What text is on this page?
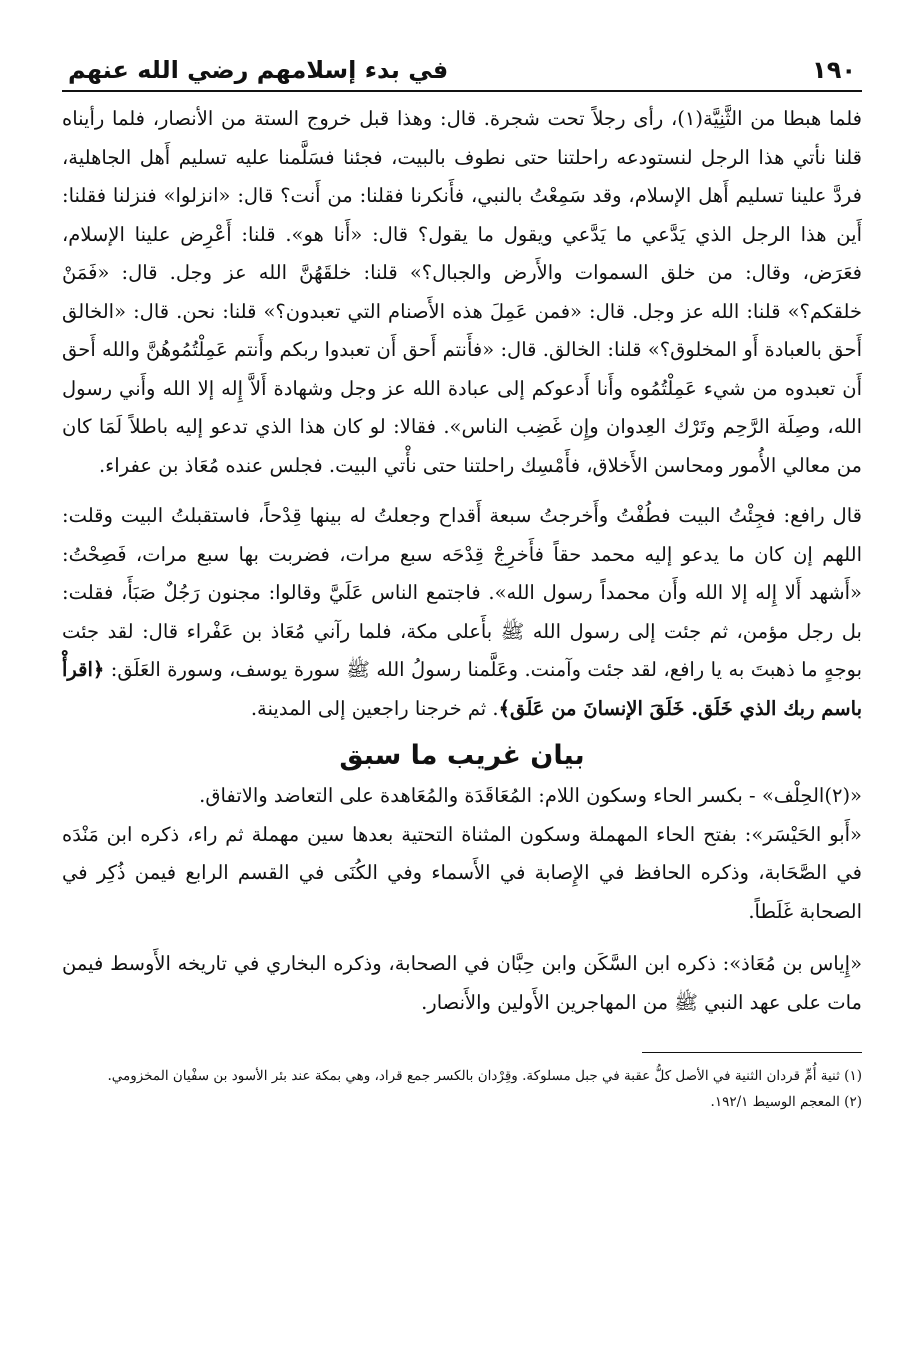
١٩٠
في بدء إسلامهم رضي الله عنهم

فلما هبطا من الثَّنِيَّة(١)، رأى رجلاً تحت شجرة. قال: وهذا قبل خروج الستة من الأنصار، فلما رأيناه قلنا نأتي هذا الرجل لنستودعه راحلتنا حتى نطوف بالبيت، فجئنا فسَلَّمنا عليه تسليم أَهل الجاهلية، فردَّ علينا تسليم أَهل الإسلام، وقد سَمِعْتُ بالنبي، فأَنكرنا فقلنا: من أَنت؟ قال: «انزلوا» فنزلنا فقلنا: أَين هذا الرجل الذي يَدَّعي ما يَدَّعي ويقول ما يقول؟ قال: «أَنا هو». قلنا: أَعْرِض علينا الإسلام، فعَرَض، وقال: من خلق السموات والأَرض والجبال؟» قلنا: خلقَهُنَّ الله عز وجل. قال: «فَمَنْ خلقكم؟» قلنا: الله عز وجل. قال: «فمن عَمِلَ هذه الأَصنام التي تعبدون؟» قلنا: نحن. قال: «الخالق أَحق بالعبادة أَو المخلوق؟» قلنا: الخالق. قال: «فأَنتم أَحق أَن تعبدوا ربكم وأَنتم عَمِلْتُمُوهُنَّ والله أَحق أَن تعبدوه من شيء عَمِلْتُمُوه وأَنا أَدعوكم إلى عبادة الله عز وجل وشهادة أَلاَّ إِله إلا الله وأَني رسول الله، وصِلَة الرَّحِم وتَرْك العِدوان وإِن غَضِب الناس». فقالا: لو كان هذا الذي تدعو إليه باطلاً لَمَا كان من معالي الأُمور ومحاسن الأَخلاق، فأَمْسِك راحلتنا حتى نأْتي البيت. فجلس عنده مُعَاذ بن عفراء.

قال رافع: فجِئْتُ البيت فطُفْتُ وأَخرجتُ سبعة أَقداح وجعلتُ له بينها قِدْحاً، فاستقبلتُ البيت وقلت: اللهم إن كان ما يدعو إليه محمد حقاً فأَخرِجْ قِدْحَه سبع مرات، فضربت بها سبع مرات، فَصِحْتُ: «أَشهد أَلا إِله إلا الله وأَن محمداً رسول الله». فاجتمع الناس عَلَيَّ وقالوا: مجنون رَجُلٌ صَبَأَ، فقلت: بل رجل مؤمن، ثم جئت إلى رسول الله ﷺ بأَعلى مكة، فلما رآني مُعَاذ بن عَفْراء قال: لقد جئت بوجهٍ ما ذهبتَ به يا رافع، لقد جئت وآمنت. وعَلَّمنا رسولُ الله ﷺ سورة يوسف، وسورة العَلَق: ﴿اقرأْ باسم ربك الذي خَلَق. خَلَقَ الإنسانَ من عَلَق﴾. ثم خرجنا راجعين إلى المدينة.

بيان غريب ما سبق

«(٢)الحِلْف» - بكسر الحاء وسكون اللام: المُعَاقَدَة والمُعَاهدة على التعاضد والاتفاق.

«أَبو الحَيْسَر»: بفتح الحاء المهملة وسكون المثناة التحتية بعدها سين مهملة ثم راء، ذكره ابن مَنْدَه في الصَّحَابة، وذكره الحافظ في الإِصابة في الأَسماء وفي الكُنَى في القسم الرابع فيمن ذُكِر في الصحابة غَلَطاً.

«إِياس بن مُعَاذ»: ذكره ابن السَّكَن وابن حِبَّان في الصحابة، وذكره البخاري في تاريخه الأَوسط فيمن مات على عهد النبي ﷺ من المهاجرين الأَولين والأَنصار.

(١) ثنية أُمِّ قردان الثنية في الأصل كلُّ عقبة في جبل مسلوكة. وقِرْدان بالكسر جمع قراد، وهي بمكة عند بئر الأسود بن سفْيان المخزومي.

(٢) المعجم الوسيط ١٩٢/١.
